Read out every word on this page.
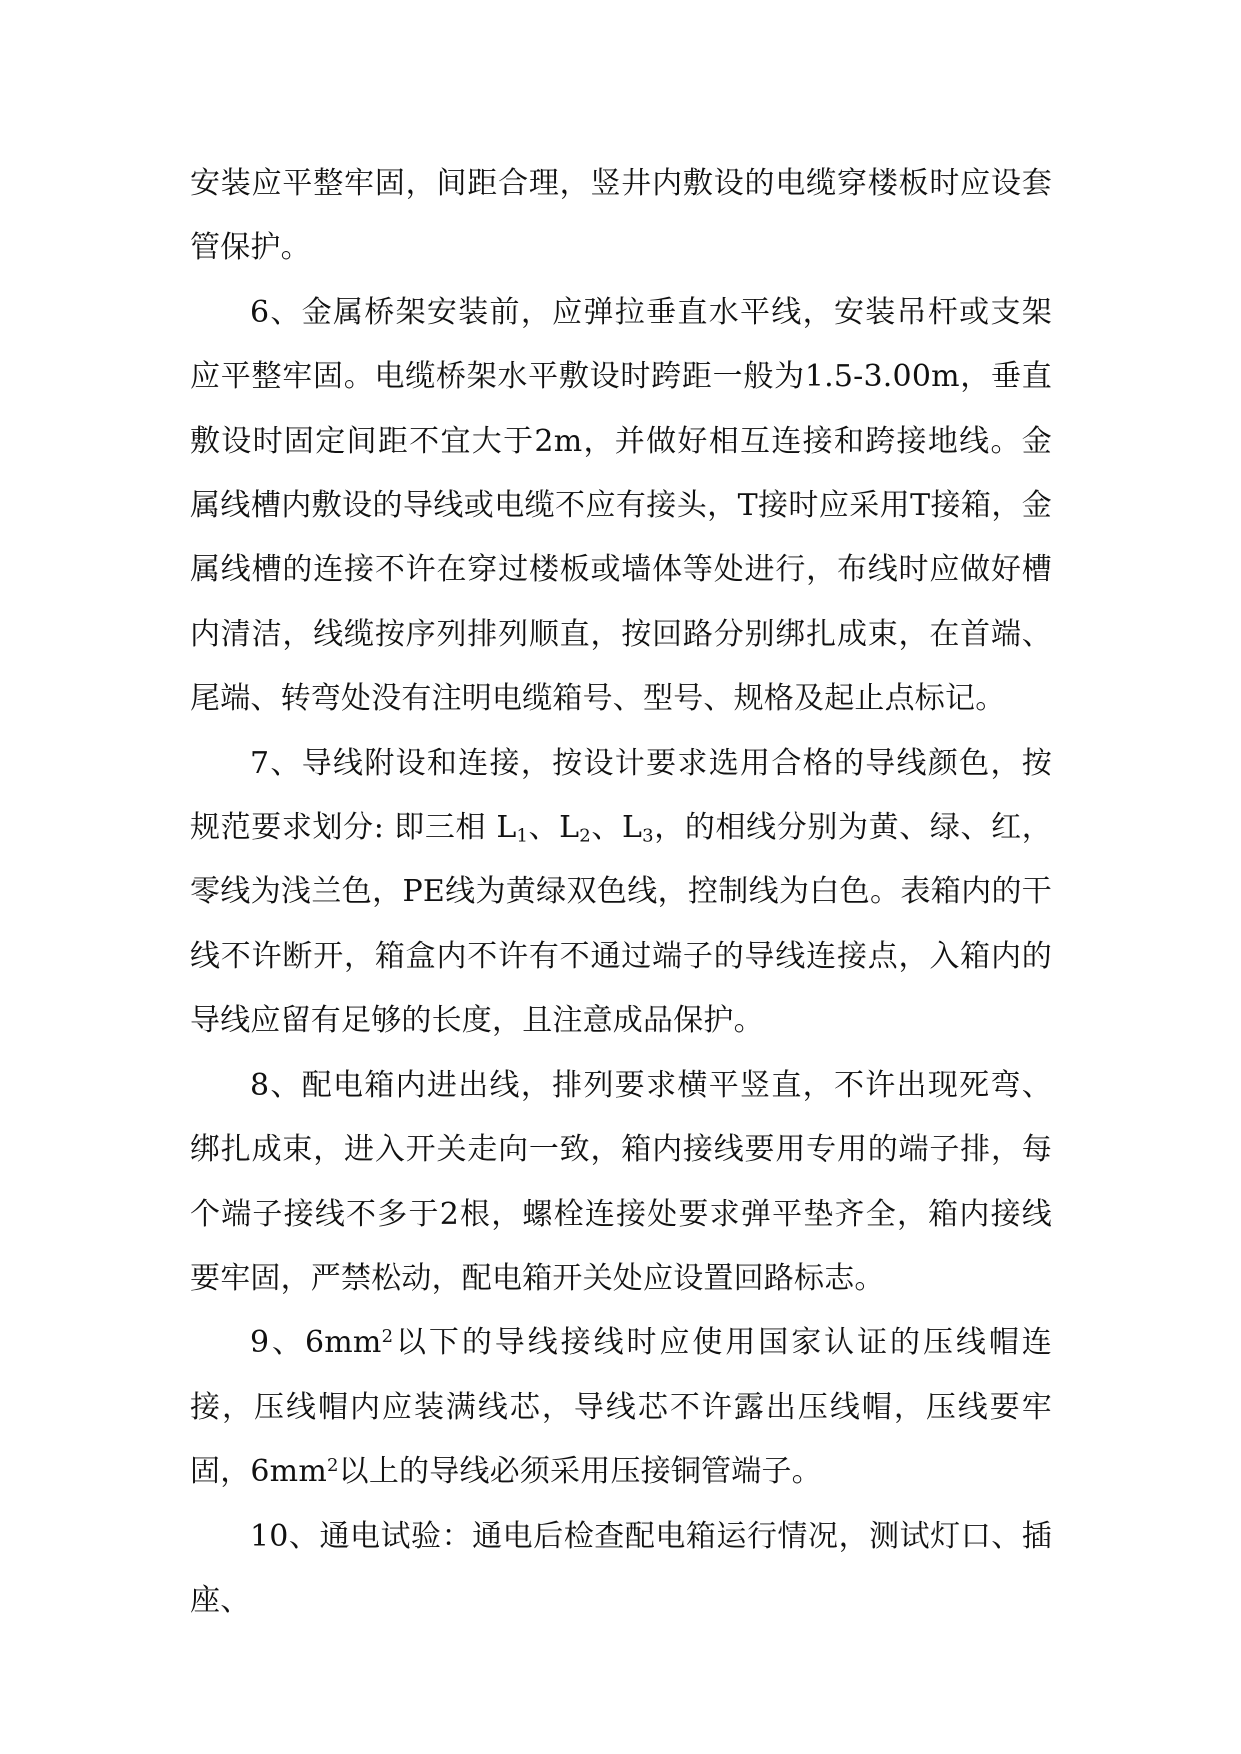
安装应平整牢固，间距合理，竖井内敷设的电缆穿楼板时应设套管保护。

6、金属桥架安装前，应弹拉垂直水平线，安装吊杆或支架应平整牢固。电缆桥架水平敷设时跨距一般为1.5-3.00m，垂直敷设时固定间距不宜大于2m，并做好相互连接和跨接地线。金属线槽内敷设的导线或电缆不应有接头，T接时应采用T接箱，金属线槽的连接不许在穿过楼板或墙体等处进行，布线时应做好槽内清洁，线缆按序列排列顺直，按回路分别绑扎成束，在首端、尾端、转弯处没有注明电缆箱号、型号、规格及起止点标记。

7、导线附设和连接，按设计要求选用合格的导线颜色，按规范要求划分: 即三相 $L_1$、$L_2$、$L_3$，的相线分别为黄、绿、红，零线为浅兰色，PE线为黄绿双色线，控制线为白色。表箱内的干线不许断开，箱盒内不许有不通过端子的导线连接点，入箱内的导线应留有足够的长度，且注意成品保护。

8、配电箱内进出线，排列要求横平竖直，不许出现死弯、绑扎成束，进入开关走向一致，箱内接线要用专用的端子排，每个端子接线不多于2根，螺栓连接处要求弹平垫齐全，箱内接线要牢固，严禁松动，配电箱开关处应设置回路标志。

9、$6mm^2$以下的导线接线时应使用国家认证的压线帽连接，压线帽内应装满线芯，导线芯不许露出压线帽，压线要牢固，$6mm^2$以上的导线必须采用压接铜管端子。

10、通电试验：通电后检查配电箱运行情况，测试灯口、插座、
